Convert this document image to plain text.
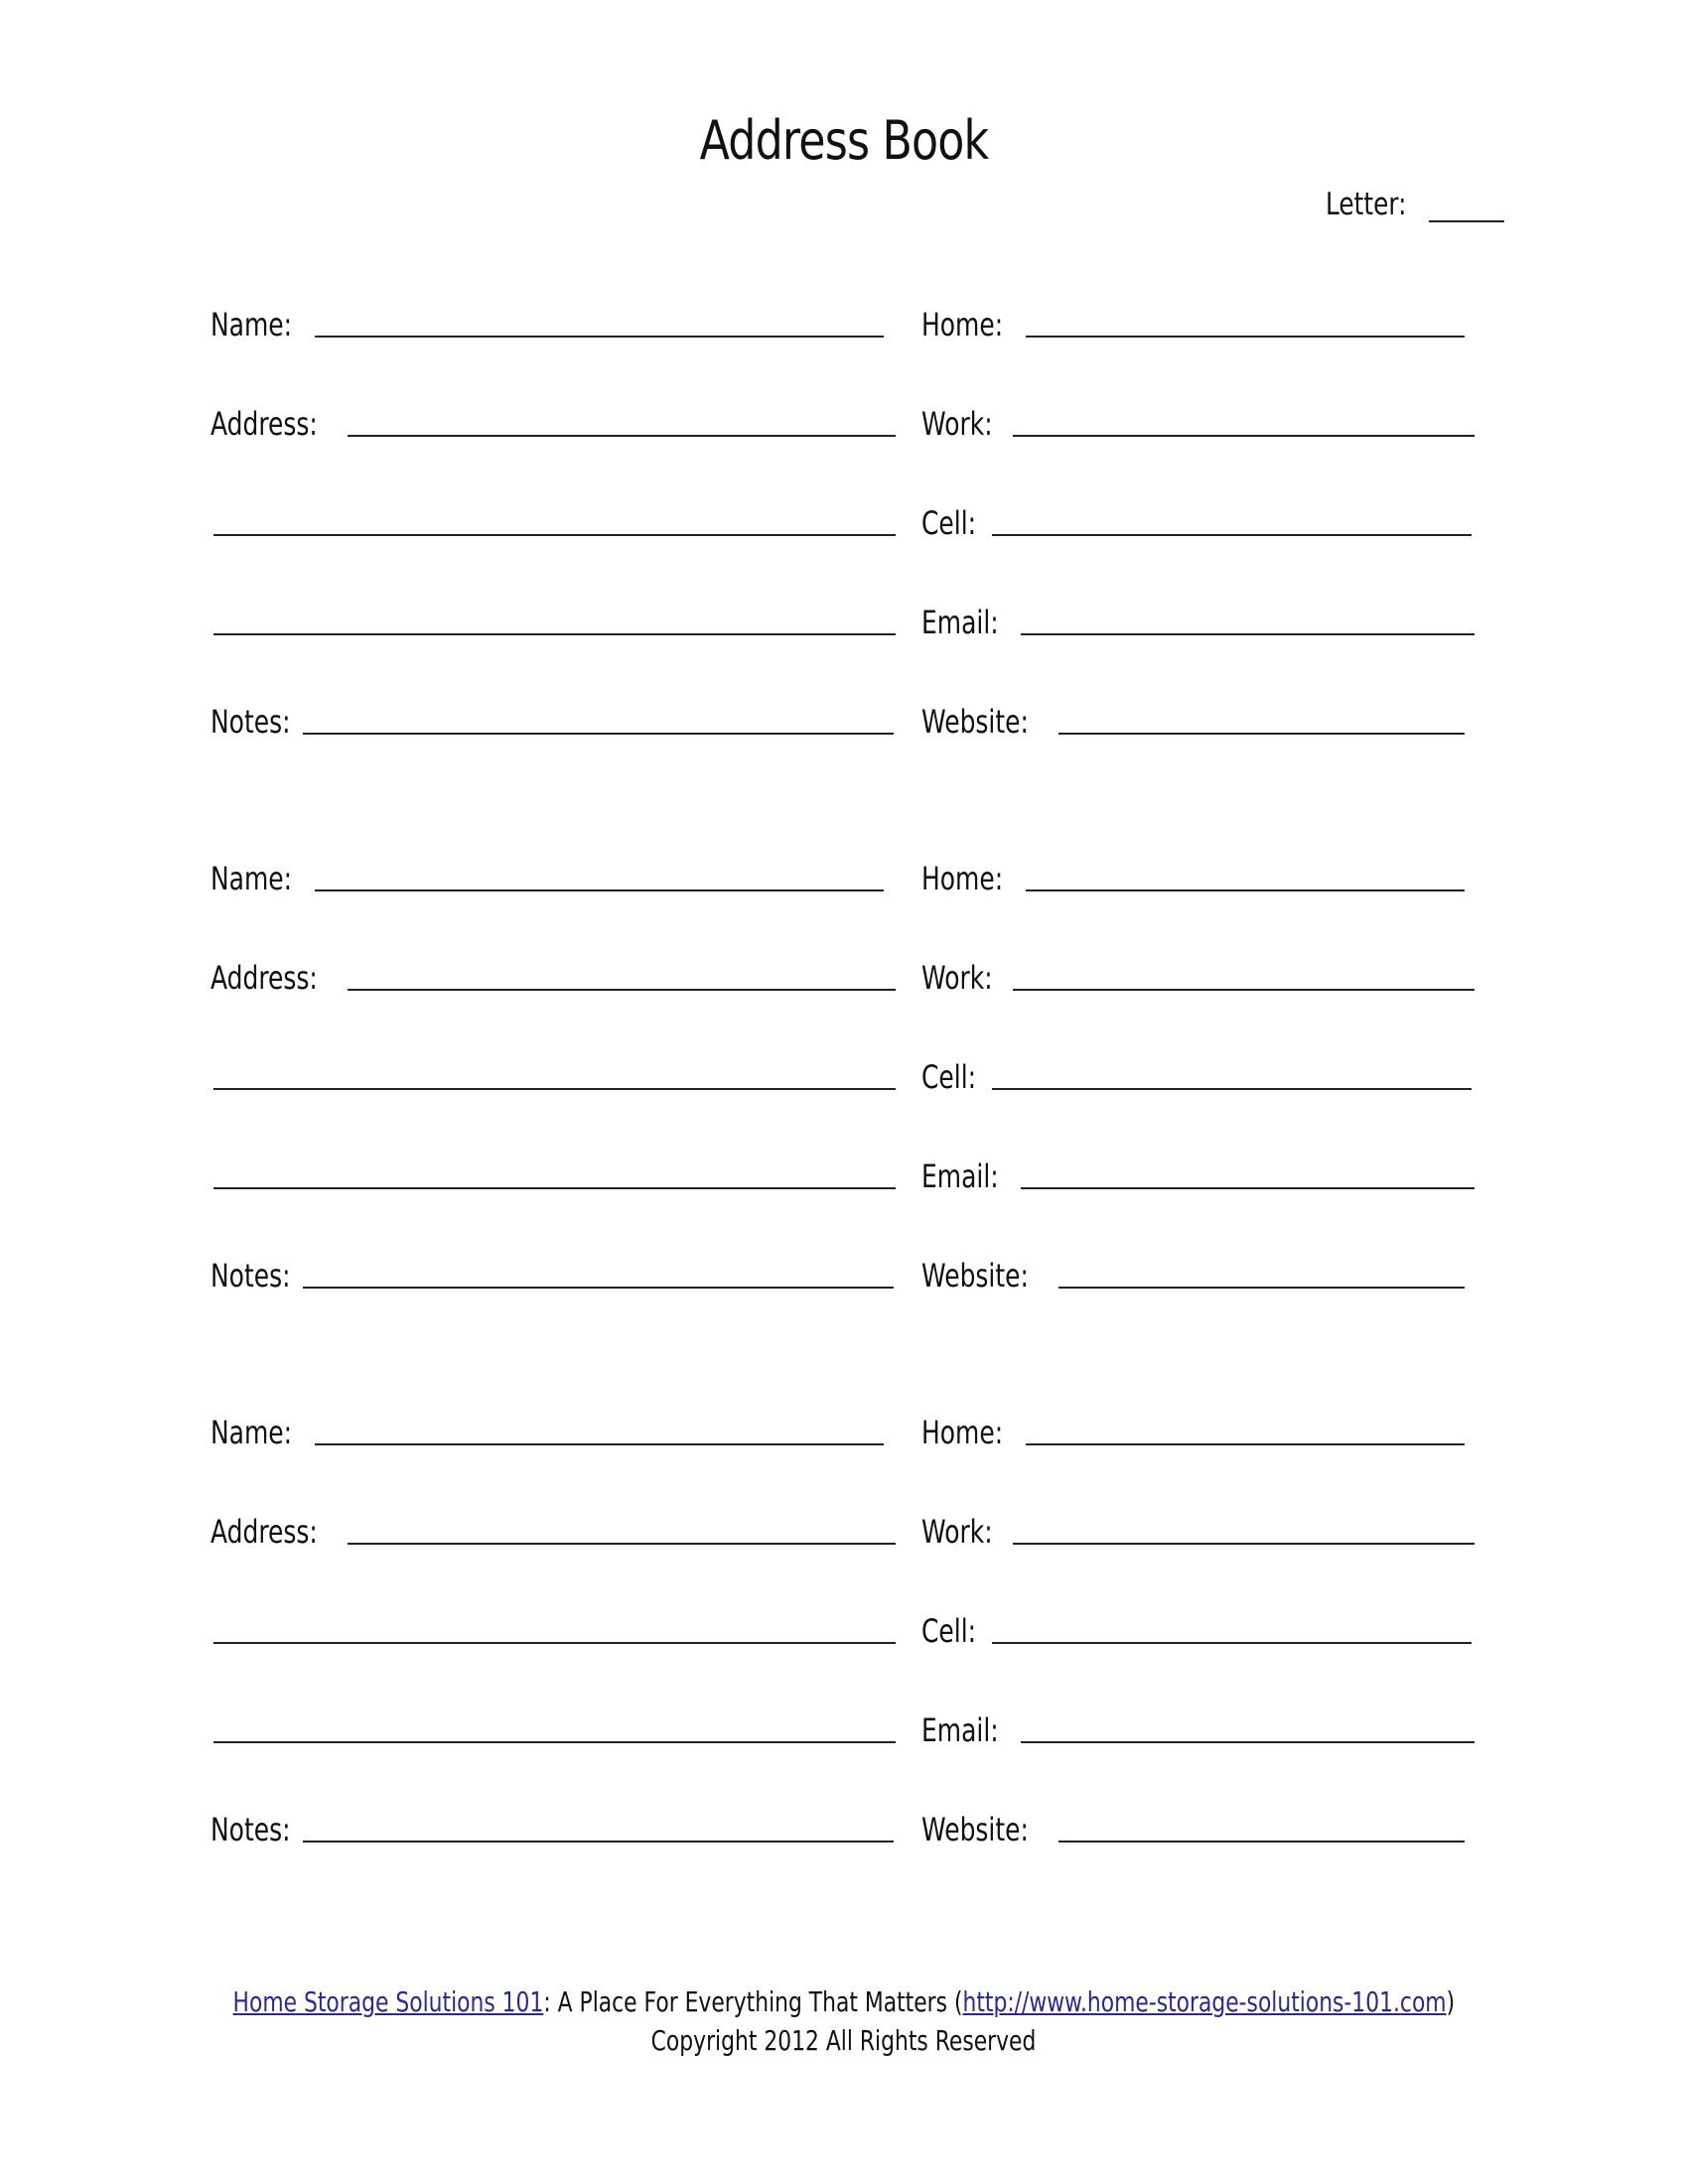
Address Book
Letter:
Name:
Address:
Notes:
Home:
Work:
Cell:
Email:
Website:
Name:
Address:
Notes:
Home:
Work:
Cell:
Email:
Website:
Name:
Address:
Notes:
Home:
Work:
Cell:
Email:
Website:
Home Storage Solutions 101: A Place For Everything That Matters (http://www.home-storage-solutions-101.com)
Copyright 2012 All Rights Reserved
